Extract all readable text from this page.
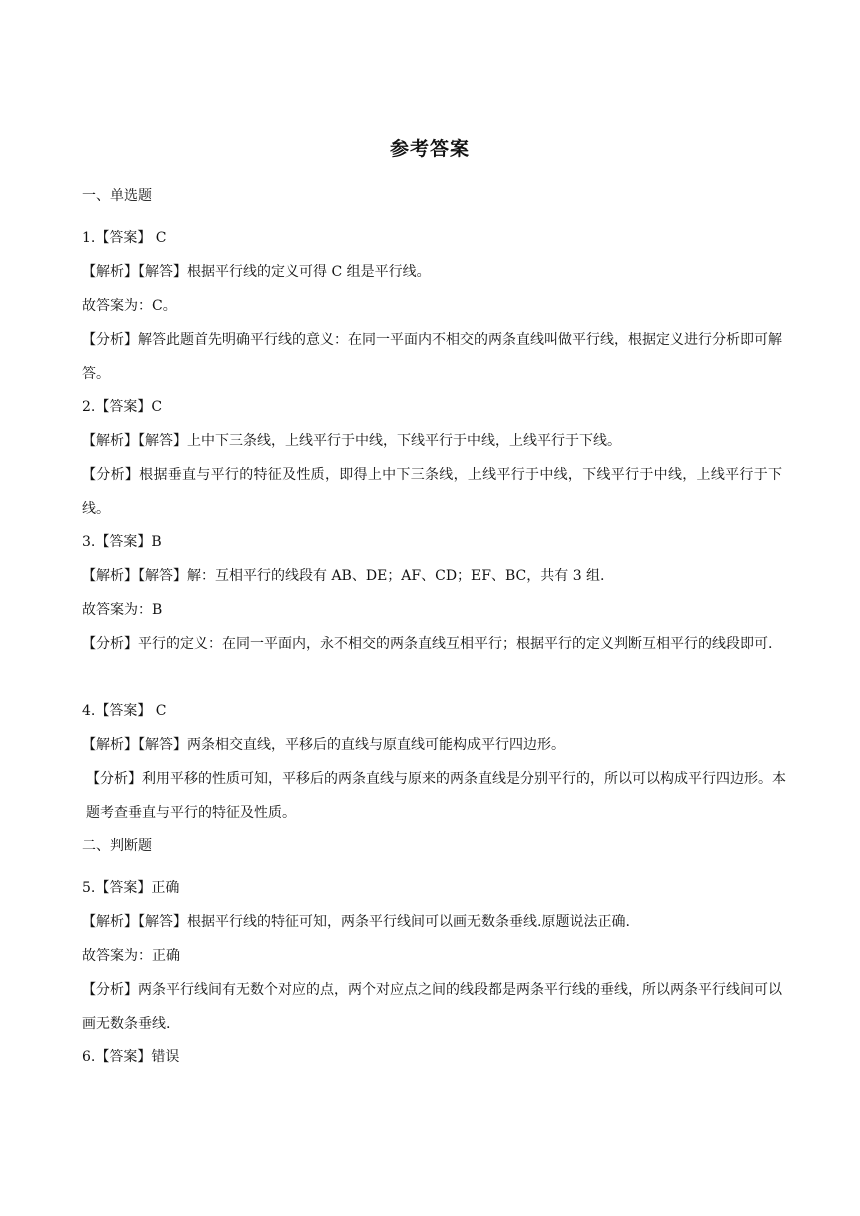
参考答案
一、单选题
1.【答案】 C
【解析】【解答】根据平行线的定义可得 C 组是平行线。
故答案为：C。
【分析】解答此题首先明确平行线的意义：在同一平面内不相交的两条直线叫做平行线，根据定义进行分析即可解答。
2.【答案】C
【解析】【解答】上中下三条线，上线平行于中线，下线平行于中线，上线平行于下线。
【分析】根据垂直与平行的特征及性质，即得上中下三条线，上线平行于中线，下线平行于中线，上线平行于下线。
3.【答案】B
【解析】【解答】解：互相平行的线段有 AB、DE；AF、CD；EF、BC，共有 3 组.
故答案为：B
【分析】平行的定义：在同一平面内，永不相交的两条直线互相平行；根据平行的定义判断互相平行的线段即可.
4.【答案】 C
【解析】【解答】两条相交直线，平移后的直线与原直线可能构成平行四边形。
【分析】利用平移的性质可知，平移后的两条直线与原来的两条直线是分别平行的，所以可以构成平行四边形。本题考查垂直与平行的特征及性质。
二、判断题
5.【答案】正确
【解析】【解答】根据平行线的特征可知，两条平行线间可以画无数条垂线.原题说法正确.
故答案为：正确
【分析】两条平行线间有无数个对应的点，两个对应点之间的线段都是两条平行线的垂线，所以两条平行线间可以画无数条垂线.
6.【答案】错误
